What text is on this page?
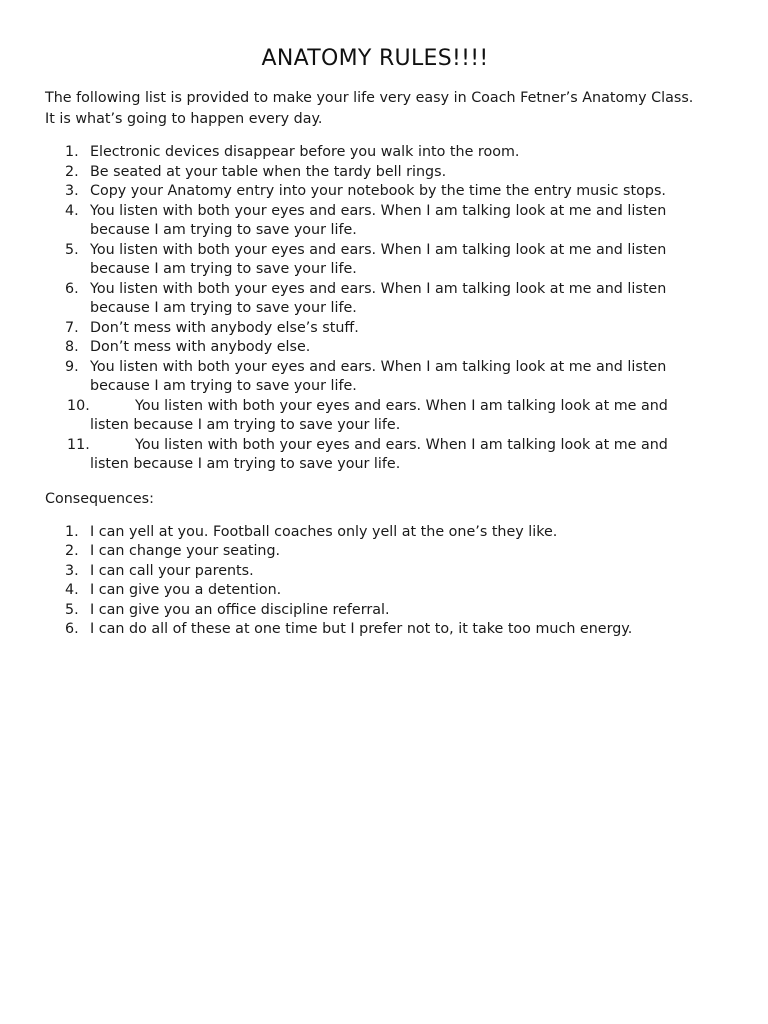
ANATOMY RULES!!!!

The following list is provided to make your life very easy in Coach Fetner’s Anatomy Class. It is what’s going to happen every day.

1. Electronic devices disappear before you walk into the room.
2. Be seated at your table when the tardy bell rings.
3. Copy your Anatomy entry into your notebook by the time the entry music stops.
4. You listen with both your eyes and ears. When I am talking look at me and listen because I am trying to save your life.
5. You listen with both your eyes and ears. When I am talking look at me and listen because I am trying to save your life.
6. You listen with both your eyes and ears. When I am talking look at me and listen because I am trying to save your life.
7. Don’t mess with anybody else’s stuff.
8. Don’t mess with anybody else.
9. You listen with both your eyes and ears. When I am talking look at me and listen because I am trying to save your life.
10.	You listen with both your eyes and ears. When I am talking look at me and listen because I am trying to save your life.
11.	You listen with both your eyes and ears. When I am talking look at me and listen because I am trying to save your life.

Consequences:

1. I can yell at you. Football coaches only yell at the one’s they like.
2. I can change your seating.
3. I can call your parents.
4. I can give you a detention.
5. I can give you an office discipline referral.
6. I can do all of these at one time but I prefer not to, it take too much energy.
